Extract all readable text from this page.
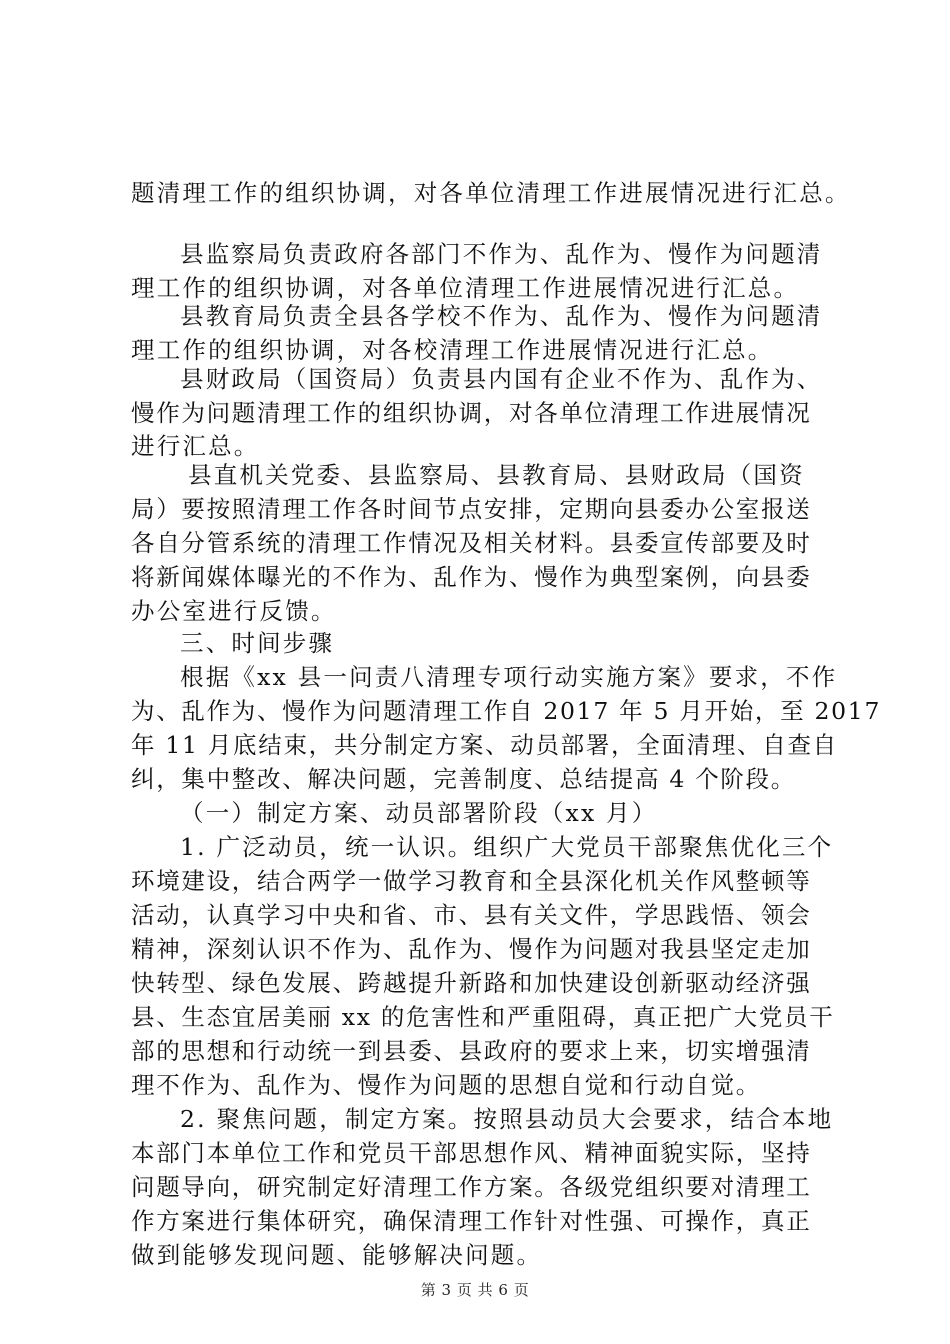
题清理工作的组织协调，对各单位清理工作进展情况进行汇总。
县监察局负责政府各部门不作为、乱作为、慢作为问题清
理工作的组织协调，对各单位清理工作进展情况进行汇总。
县教育局负责全县各学校不作为、乱作为、慢作为问题清
理工作的组织协调，对各校清理工作进展情况进行汇总。
县财政局（国资局）负责县内国有企业不作为、乱作为、
慢作为问题清理工作的组织协调，对各单位清理工作进展情况
进行汇总。
县直机关党委、县监察局、县教育局、县财政局（国资
局）要按照清理工作各时间节点安排，定期向县委办公室报送
各自分管系统的清理工作情况及相关材料。县委宣传部要及时
将新闻媒体曝光的不作为、乱作为、慢作为典型案例，向县委
办公室进行反馈。
三、时间步骤
根据《xx 县一问责八清理专项行动实施方案》要求，不作
为、乱作为、慢作为问题清理工作自 2017 年 5 月开始，至 2017
年 11 月底结束，共分制定方案、动员部署，全面清理、自查自
纠，集中整改、解决问题，完善制度、总结提高 4 个阶段。
（一）制定方案、动员部署阶段（xx 月）
1. 广泛动员，统一认识。组织广大党员干部聚焦优化三个
环境建设，结合两学一做学习教育和全县深化机关作风整顿等
活动，认真学习中央和省、市、县有关文件，学思践悟、领会
精神，深刻认识不作为、乱作为、慢作为问题对我县坚定走加
快转型、绿色发展、跨越提升新路和加快建设创新驱动经济强
县、生态宜居美丽 xx 的危害性和严重阻碍，真正把广大党员干
部的思想和行动统一到县委、县政府的要求上来，切实增强清
理不作为、乱作为、慢作为问题的思想自觉和行动自觉。
2. 聚焦问题，制定方案。按照县动员大会要求，结合本地
本部门本单位工作和党员干部思想作风、精神面貌实际，坚持
问题导向，研究制定好清理工作方案。各级党组织要对清理工
作方案进行集体研究，确保清理工作针对性强、可操作，真正
做到能够发现问题、能够解决问题。
第 3 页 共 6 页
